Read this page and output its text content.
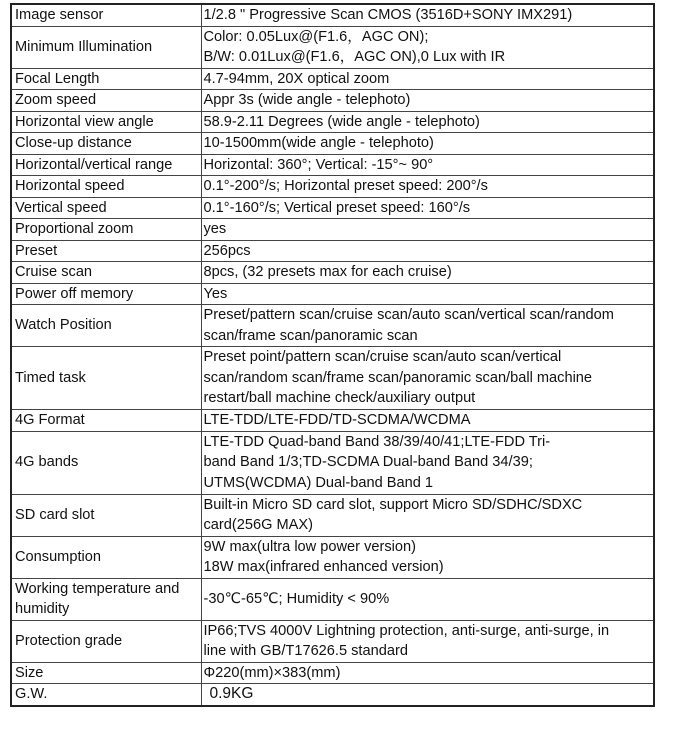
Image sensor	1/2.8 " Progressive Scan CMOS (3516D+SONY IMX291)
Minimum Illumination	Color: 0.05Lux@(F1.6，AGC ON);
B/W: 0.01Lux@(F1.6，AGC ON),0 Lux with IR
Focal Length	4.7-94mm, 20X optical zoom
Zoom speed	Appr 3s (wide angle - telephoto)
Horizontal view angle	58.9-2.11 Degrees (wide angle - telephoto)
Close-up distance	10-1500mm(wide angle - telephoto)
Horizontal/vertical range	Horizontal: 360°; Vertical: -15°~ 90°
Horizontal speed	0.1°-200°/s; Horizontal preset speed: 200°/s
Vertical speed	0.1°-160°/s; Vertical preset speed: 160°/s
Proportional zoom	yes
Preset	256pcs
Cruise scan	8pcs, (32 presets max for each cruise)
Power off memory	Yes
Watch Position	Preset/pattern scan/cruise scan/auto scan/vertical scan/random
scan/frame scan/panoramic scan
Timed task	Preset point/pattern scan/cruise scan/auto scan/vertical
scan/random scan/frame scan/panoramic scan/ball machine
restart/ball machine check/auxiliary output
4G Format	LTE-TDD/LTE-FDD/TD-SCDMA/WCDMA
4G bands	LTE-TDD Quad-band Band 38/39/40/41;LTE-FDD Tri-
band Band 1/3;TD-SCDMA Dual-band Band 34/39;
UTMS(WCDMA) Dual-band Band 1
SD card slot	Built-in Micro SD card slot, support Micro SD/SDHC/SDXC
card(256G MAX)
Consumption	9W max(ultra low power version)
18W max(infrared enhanced version)
Working temperature and
humidity	-30℃-65℃; Humidity < 90%
Protection grade	IP66;TVS 4000V Lightning protection, anti-surge, anti-surge, in
line with GB/T17626.5 standard
Size	Φ220(mm)×383(mm)
G.W.	0.9KG
